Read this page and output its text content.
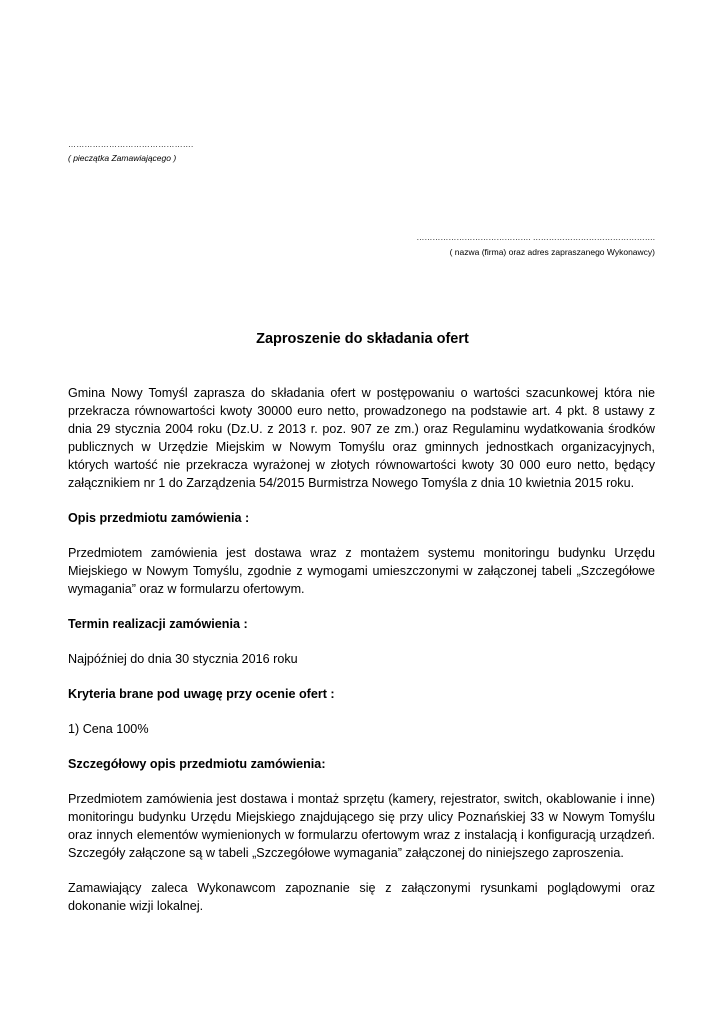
……………………………………….
( pieczątka Zamawiającego )
……………………………………. ……………………………………….
( nazwa (firma) oraz adres zapraszanego Wykonawcy)
Zaproszenie do składania ofert

Gmina Nowy Tomyśl zaprasza do składania ofert w postępowaniu o wartości szacunkowej która nie przekracza równowartości kwoty 30000 euro netto, prowadzonego na podstawie art. 4 pkt. 8 ustawy z dnia 29 stycznia 2004 roku (Dz.U. z 2013 r. poz. 907 ze zm.) oraz Regulaminu wydatkowania środków publicznych w Urzędzie Miejskim w Nowym Tomyślu oraz gminnych jednostkach organizacyjnych, których wartość nie przekracza wyrażonej w złotych równowartości kwoty 30 000 euro netto, będący załącznikiem nr 1 do Zarządzenia 54/2015 Burmistrza Nowego Tomyśla z dnia 10 kwietnia 2015 roku.

Opis przedmiotu zamówienia :

Przedmiotem zamówienia jest dostawa wraz z montażem systemu monitoringu budynku Urzędu Miejskiego w Nowym Tomyślu, zgodnie z wymogami umieszczonymi w załączonej tabeli „Szczegółowe wymagania” oraz w formularzu ofertowym.

Termin realizacji zamówienia :

Najpóźniej do dnia 30 stycznia 2016 roku

Kryteria brane pod uwagę przy ocenie ofert :

1) Cena 100%

Szczegółowy opis przedmiotu zamówienia:

Przedmiotem zamówienia jest dostawa i montaż sprzętu (kamery, rejestrator, switch, okablowanie i inne) monitoringu budynku Urzędu Miejskiego znajdującego się przy ulicy Poznańskiej 33 w Nowym Tomyślu oraz innych elementów wymienionych w formularzu ofertowym wraz z instalacją i konfiguracją urządzeń. Szczegóły załączone są w tabeli „Szczegółowe wymagania” załączonej do niniejszego zaproszenia.

Zamawiający zaleca Wykonawcom zapoznanie się z załączonymi rysunkami poglądowymi oraz dokonanie wizji lokalnej.
